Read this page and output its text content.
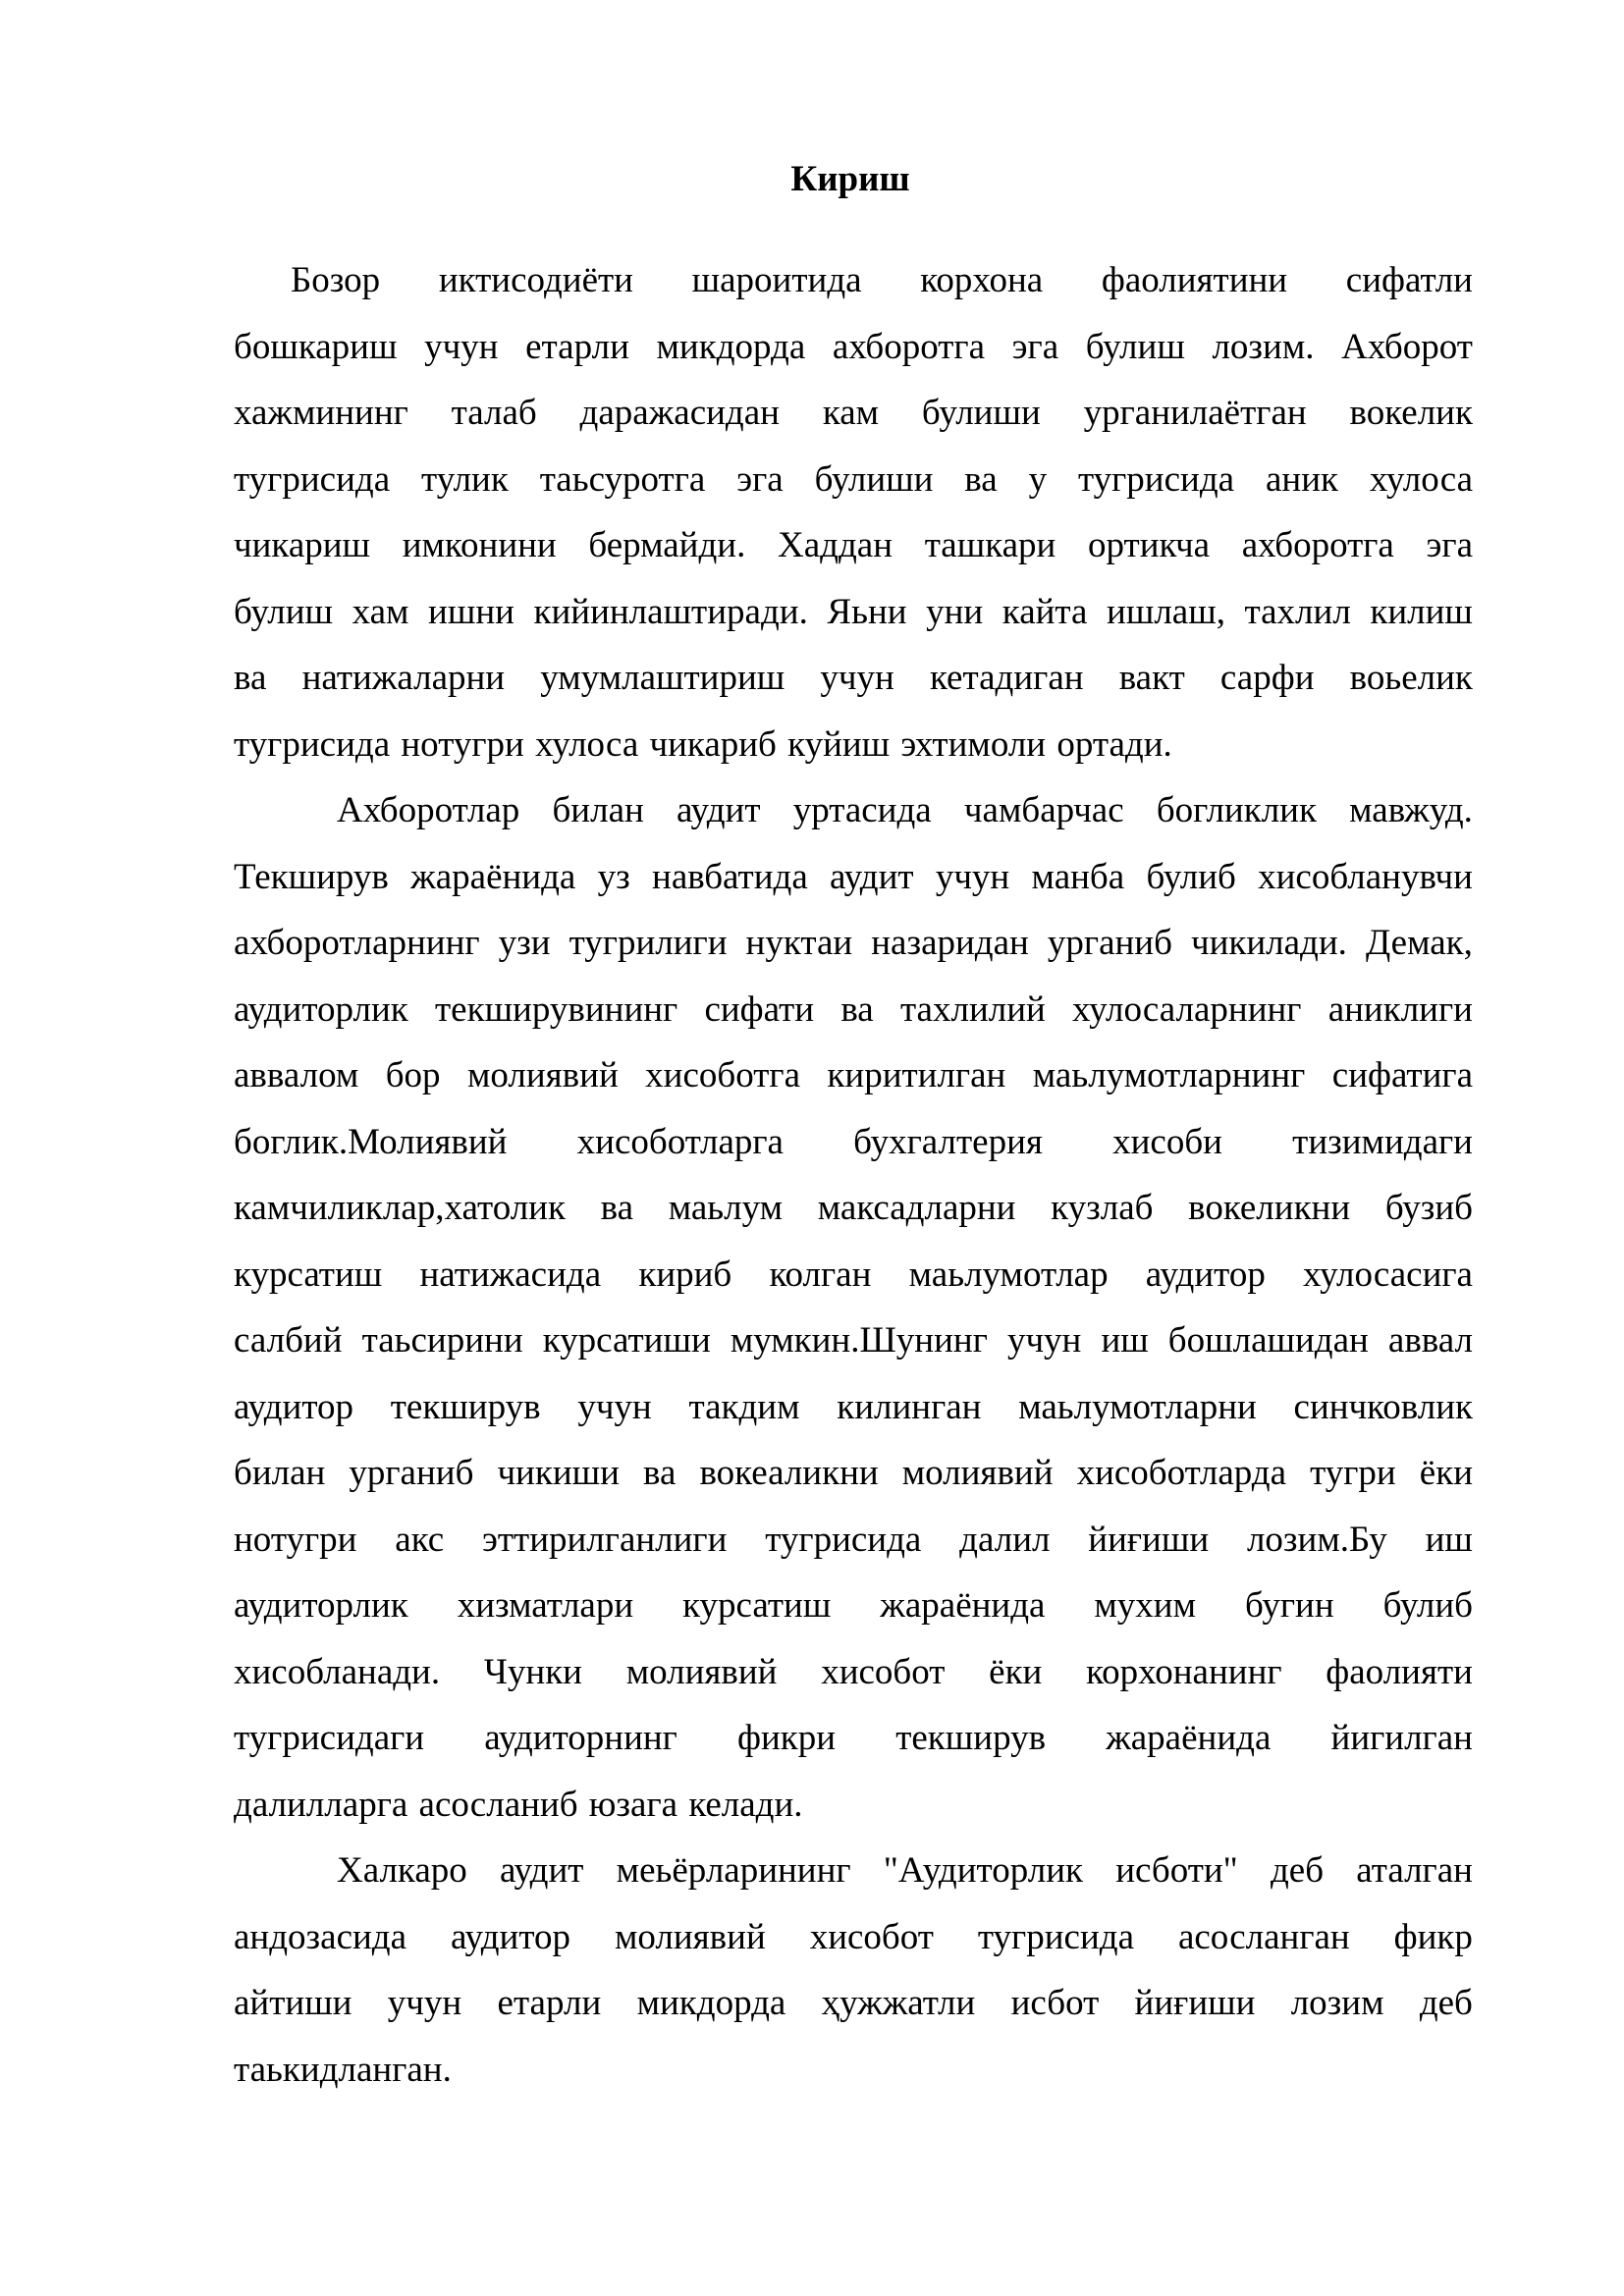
Кириш
Бозор иктисодиёти шароитида корхона фаолиятини сифатли
бошкариш учун етарли микдорда ахборотга эга булиш лозим. Ахборот
хажмининг талаб даражасидан кам булиши урганилаётган вокелик
тугрисида тулик таьсуротга эга булиши ва у тугрисида аник хулоса
чикариш имконини бермайди. Хаддан ташкари ортикча ахборотга эга
булиш хам ишни кийинлаштиради. Яьни уни кайта ишлаш, тахлил килиш
ва натижаларни умумлаштириш учун кетадиган вакт сарфи воьелик
тугрисида нотугри хулоса чикариб куйиш эхтимоли ортади.
Ахборотлар билан аудит уртасида чамбарчас богликлик мавжуд.
Текширув жараёнида уз навбатида аудит учун манба булиб хисобланувчи
ахборотларнинг узи тугрилиги нуктаи назаридан урганиб чикилади. Демак,
аудиторлик текширувининг сифати ва тахлилий хулосаларнинг аниклиги
аввалом бор молиявий хисоботга киритилган маьлумотларнинг сифатига
боглик.Молиявий хисоботларга бухгалтерия хисоби тизимидаги
камчиликлар,хатолик ва маьлум максадларни кузлаб вокеликни бузиб
курсатиш натижасида кириб колган маьлумотлар аудитор хулосасига
салбий таьсирини курсатиши мумкин.Шунинг учун иш бошлашидан аввал
аудитор текширув учун такдим килинган маьлумотларни синчковлик
билан урганиб чикиши ва вокеаликни молиявий хисоботларда тугри ёки
нотугри акс эттирилганлиги тугрисида далил йиғиши лозим.Бу иш
аудиторлик хизматлари курсатиш жараёнида мухим бугин булиб
хисобланади. Чунки молиявий хисобот ёки корхонанинг фаолияти
тугрисидаги аудиторнинг фикри текширув жараёнида йигилган
далилларга асосланиб юзага келади.
Халкаро аудит меьёрларининг "Аудиторлик исботи" деб аталган
андозасида аудитор молиявий хисобот тугрисида асосланган фикр
айтиши учун етарли микдорда ҳужжатли исбот йиғиши лозим деб
таькидланган.
